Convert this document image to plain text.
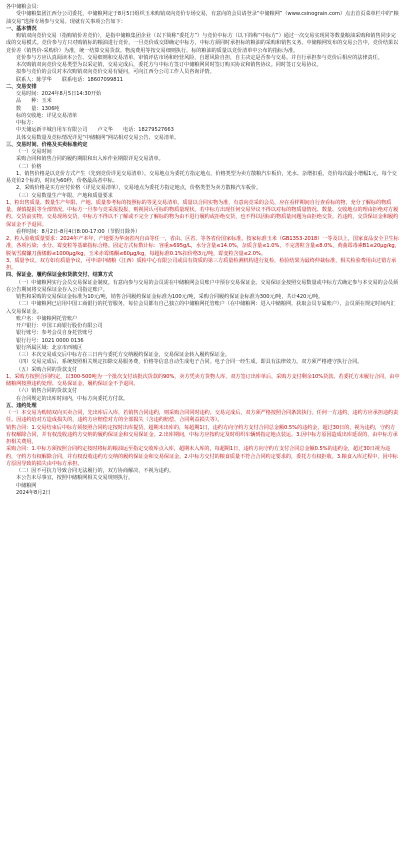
各中储粮会员：

受中储粮集团江西分公司委托，中储粮网定于8月5日组织玉米购销双向竞价专场交易，有意向的会员请登录“中储粮网”（www.csinograin.com）点击首页菜单栏中的“粮油交易”选择专场参与交易。现就有关事项公告如下：

一、基本情况

购销双向竞价交易（指购销价差竞价），是指中储粮集团企业（以下简称“委托方”）与竞价中标方（以下简称“中标方”）通过一次交易实现同等数量粮油采购和销售同步完成的交易模式。竞价参与方只对购销标的粮油进行竞价，一旦竞价成交即确定中标方，中标方须同时承担标的粮油的采购和销售义务。中储粮网发布的交易公告中，竞价结果以竞价差（销售价-采购价）为准，统一结算交易货款。物流费用等按交易细则执行。标的粮油的质量以竞价清单中公布的指标为准。

竞价参与方应认真阅读本公告、交易细则和交易清单，审慎评估市场和经营风险，自愿风险自担，自主决定是否参与交易。并自行承担参与竞价后相应的法律责任。

本次购销双向竞价交易类型为以采定销，交易完成后，委托方与中标方签订中储粮网同时签订购买协议和销售协议。同时签订交易协议。

拟参与竞价的会员对本次购销双向竞价交易有疑问，可向江西分公司工作人员咨询详情。

联系人：陈学华　　联系电话：18607099811

二、交易安排

交易时间：2024年8月5日14:30开始

品　　种：玉米

数　　量：1306吨

标的交收地：详见交易清单

中标方：

中天储运新丰城自用车有限公司　　卢文华　　电话：18279527663

具体交易数量及竞标情况详见“中储粮网”网站相对交易公告、交易清单。

三、交易时间、价格及买卖标准约定

（一）交易时间

采购合同和销售合同的履约期限和出入库作业期限详见交易清单。

（二）价格

1、销售价格是以竞价方式产生（先到竞价详见交易清单）。交易地点为委托方指定地点，价格类型为卖方散粮汽车板价，光水、杂增扣重。竞价每次最小增幅1元，每个交易竞价2个标的，时间为60秒，价格最高者中标。

2、采购价格是买方应付价格（详见交易清单），交易地点为委托方指定地点，价格类型为卖方散粮汽车板价。

（三）交易数量生产年限、产地和质量要求

1、粒出售质量。数量生产年限、产地、质量参考标的按照标的等见交易清单。质量以合同实物为准，有意向竞采的会员，应在看样期间自行查看标的物，充分了解标的物质量，谨慎提报等全部情况。中标方一旦参与竞采报投报，则视同认可标的物质量现状。若中标方出现任何交易异议不得以对标的物质量情况、数量、交收地点的理由拒绝对方履约。交货前实物。交易现场交货，中标方不得以不了解或不完全了解标的物为由不进行履约或拒绝交货，也不得以因标的物质量问题为由拒绝交货。若违约，交货保证金和履约保证金不予退回。

看样时间：8月2日-8月4日8:00-17:00（节假日除外）

2、粒入验收质量要求：2024年产本年，产地要为华南省内自由等任一，省由、区省、等各省份国家标准。按家标准玉米（GB1353-2018）一等及以上，国家食品安全卫生标准，各项污染；水分、霉变粒等基础指标合格。固定方式标数计标：容重≥695g/L，水分含量≤14.0%，杂质含量≤1.0%，不完善粒含量≤8.0%，黄曲霉毒素B1≤20μg/kg，脱氧雪腐镰刀菌烯醇≤1000μg/kg，玉米赤霉烯酮≤60μg/kg，每超标准0.1%扣价格3元/吨，霉变粒含量≤2.0%。

3、质量争议。双方如有质量争议，可申请中储粮（江西）质检中心有限公司或具有资质的第三方质量检测机构进行复检，检验结果为最终仲裁标准，相关检验费用由过错方承担。

四、保证金、履约保证金和货款交付、结算方式

（一）中储粮网实行会员交易保证金制度。有意向参与交易的会员需在中储粮网会员账户中预存交易保证金。交易保证金按照交易数量或中标方式确定参与本交易的会员须在公告期间将交易保证金存入公司指定账户。

销售和采购的交易保证金标准为10元/吨，销售合同履约保证金标准为100元/吨，采购合同履约保证金标准为300元/吨，共计420元/吨。

（二）中储粮网已启用中国工商银行的托管服务，每位会员都有自己独立的中储粮网托管账户（在中储粮网：进入中储粮网，获取会员专属账户），会员须在规定时间内汇入交易保证金。

账户名：中储粮网托管账户

开户银行：中国工商银行股份有限公司

银行账号：参考会员自身托管账号

银行行号：1021 0000 0136

银行所属区域：北京市西城区

（三）本次交易成交后中标方在三日内与委托方交纳履约保证金，交易保证金转入履约保证金。

（四）交易完成后，系统按照相关规定扣除交易服务费，价格等信息自动生成电子合同。电子合同一经生成，即具有法律效力。双方须严格遵守执行合同。

（五）采购合同的货款支付

1、采购方按照合同约定，以300-500吨为一个批次支付该批次货款的90%，卖方凭卖方货物人库，双方签订出库单后，采购方支付剩余10%货款。若委托方未履行合同，由中储粮网按照违约处理。交易保证金、履约保证金不予退回。

（六）销售合同的货款支付

在合同规定的出库时间内，中标方向委托方付款。

五、违约处理

（一）本交易为购销双向买卖合同，先出库后入库，若销售合同违约，则采购合同同时违约。交易完成后，双方须严格按照合同条款执行。任何一方违约，违约方应承担违约责任。因违约给对方造成损失的，违约方应赔偿对方的全部损失（含违约赔偿、合同利益损失等）。

销售合同：1.交易结束后中标方须按照合同约定按时出库提货，超期未出库的，每超期1日，违约方向守约方支付合同总金额0.5%的违约金，超过30日的，视为违约，守约方有权解除合同，并有权没收违约方交纳的履约保证金和交易保证金。2.出库期间，中标方应按约定及时组织车辆到指定地点装运。3.因中标方原因造成出库延误的，由中标方承担相关费用。

采购合同：1.中标方须按照合同约定按时将标的粮油运至指定交收库点入库，超期未入库的，每超期1日，违约方向守约方支付合同总金额0.5%的违约金，超过30日视为违约，守约方有权解除合同，并有权没收违约方交纳的履约保证金和交易保证金。2.中标方交付的粮食质量不符合合同约定要求的，委托方有权拒收。3.粮食入库过程中，因中标方原因导致的损失由中标方承担。

（二）因不可抗力导致合同无法履行的，双方协商解决，不视为违约。

本公告未尽事宜，按照中储粮网相关交易规则执行。

中储粮网

2024年8月2日
